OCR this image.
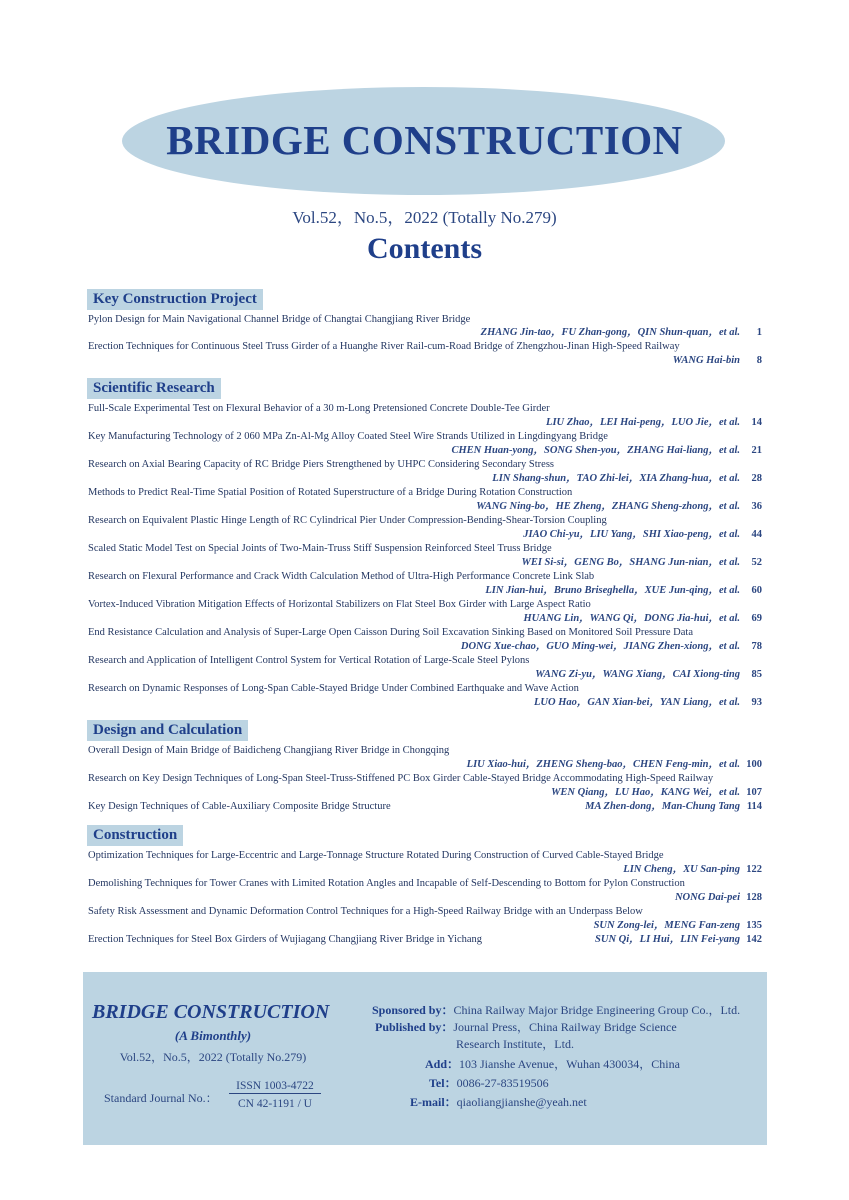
BRIDGE CONSTRUCTION
Vol.52，No.5，2022 (Totally No.279)
Contents
Key Construction Project
Pylon Design for Main Navigational Channel Bridge of Changtai Changjiang River Bridge
ZHANG Jin-tao，FU Zhan-gong，QIN Shun-quan，et al. 1
Erection Techniques for Continuous Steel Truss Girder of a Huanghe River Rail-cum-Road Bridge of Zhengzhou-Jinan High-Speed Railway
WANG Hai-bin 8
Scientific Research
Full-Scale Experimental Test on Flexural Behavior of a 30 m-Long Pretensioned Concrete Double-Tee Girder
LIU Zhao，LEI Hai-peng，LUO Jie，et al. 14
Key Manufacturing Technology of 2 060 MPa Zn-Al-Mg Alloy Coated Steel Wire Strands Utilized in Lingdingyang Bridge
CHEN Huan-yong，SONG Shen-you，ZHANG Hai-liang，et al. 21
Research on Axial Bearing Capacity of RC Bridge Piers Strengthened by UHPC Considering Secondary Stress
LIN Shang-shun，TAO Zhi-lei，XIA Zhang-hua，et al. 28
Methods to Predict Real-Time Spatial Position of Rotated Superstructure of a Bridge During Rotation Construction
WANG Ning-bo，HE Zheng，ZHANG Sheng-zhong，et al. 36
Research on Equivalent Plastic Hinge Length of RC Cylindrical Pier Under Compression-Bending-Shear-Torsion Coupling
JIAO Chi-yu，LIU Yang，SHI Xiao-peng，et al. 44
Scaled Static Model Test on Special Joints of Two-Main-Truss Stiff Suspension Reinforced Steel Truss Bridge
WEI Si-si，GENG Bo，SHANG Jun-nian，et al. 52
Research on Flexural Performance and Crack Width Calculation Method of Ultra-High Performance Concrete Link Slab
LIN Jian-hui，Bruno Briseghella，XUE Jun-qing，et al. 60
Vortex-Induced Vibration Mitigation Effects of Horizontal Stabilizers on Flat Steel Box Girder with Large Aspect Ratio
HUANG Lin，WANG Qi，DONG Jia-hui，et al. 69
End Resistance Calculation and Analysis of Super-Large Open Caisson During Soil Excavation Sinking Based on Monitored Soil Pressure Data
DONG Xue-chao，GUO Ming-wei，JIANG Zhen-xiong，et al. 78
Research and Application of Intelligent Control System for Vertical Rotation of Large-Scale Steel Pylons
WANG Zi-yu，WANG Xiang，CAI Xiong-ting 85
Research on Dynamic Responses of Long-Span Cable-Stayed Bridge Under Combined Earthquake and Wave Action
LUO Hao，GAN Xian-bei，YAN Liang，et al. 93
Design and Calculation
Overall Design of Main Bridge of Baidicheng Changjiang River Bridge in Chongqing
LIU Xiao-hui，ZHENG Sheng-bao，CHEN Feng-min，et al. 100
Research on Key Design Techniques of Long-Span Steel-Truss-Stiffened PC Box Girder Cable-Stayed Bridge Accommodating High-Speed Railway
WEN Qiang，LU Hao，KANG Wei，et al. 107
Key Design Techniques of Cable-Auxiliary Composite Bridge Structure	MA Zhen-dong，Man-Chung Tang 114
Construction
Optimization Techniques for Large-Eccentric and Large-Tonnage Structure Rotated During Construction of Curved Cable-Stayed Bridge
LIN Cheng，XU San-ping 122
Demolishing Techniques for Tower Cranes with Limited Rotation Angles and Incapable of Self-Descending to Bottom for Pylon Construction
NONG Dai-pei 128
Safety Risk Assessment and Dynamic Deformation Control Techniques for a High-Speed Railway Bridge with an Underpass Below
SUN Zong-lei，MENG Fan-zeng 135
Erection Techniques for Steel Box Girders of Wujiagang Changjiang River Bridge in Yichang	SUN Qi，LI Hui，LIN Fei-yang 142
BRIDGE CONSTRUCTION
(A Bimonthly)
Vol.52，No.5，2022 (Totally No.279)
Standard Journal No.：
ISSN 1003-4722
CN 42-1191 / U
Sponsored by：China Railway Major Bridge Engineering Group Co.，Ltd.
Published by：Journal Press，China Railway Bridge Science
Research Institute，Ltd.
Add：103 Jianshe Avenue，Wuhan 430034，China
Tel：0086-27-83519506
E-mail：qiaoliangjianshe@yeah.net
